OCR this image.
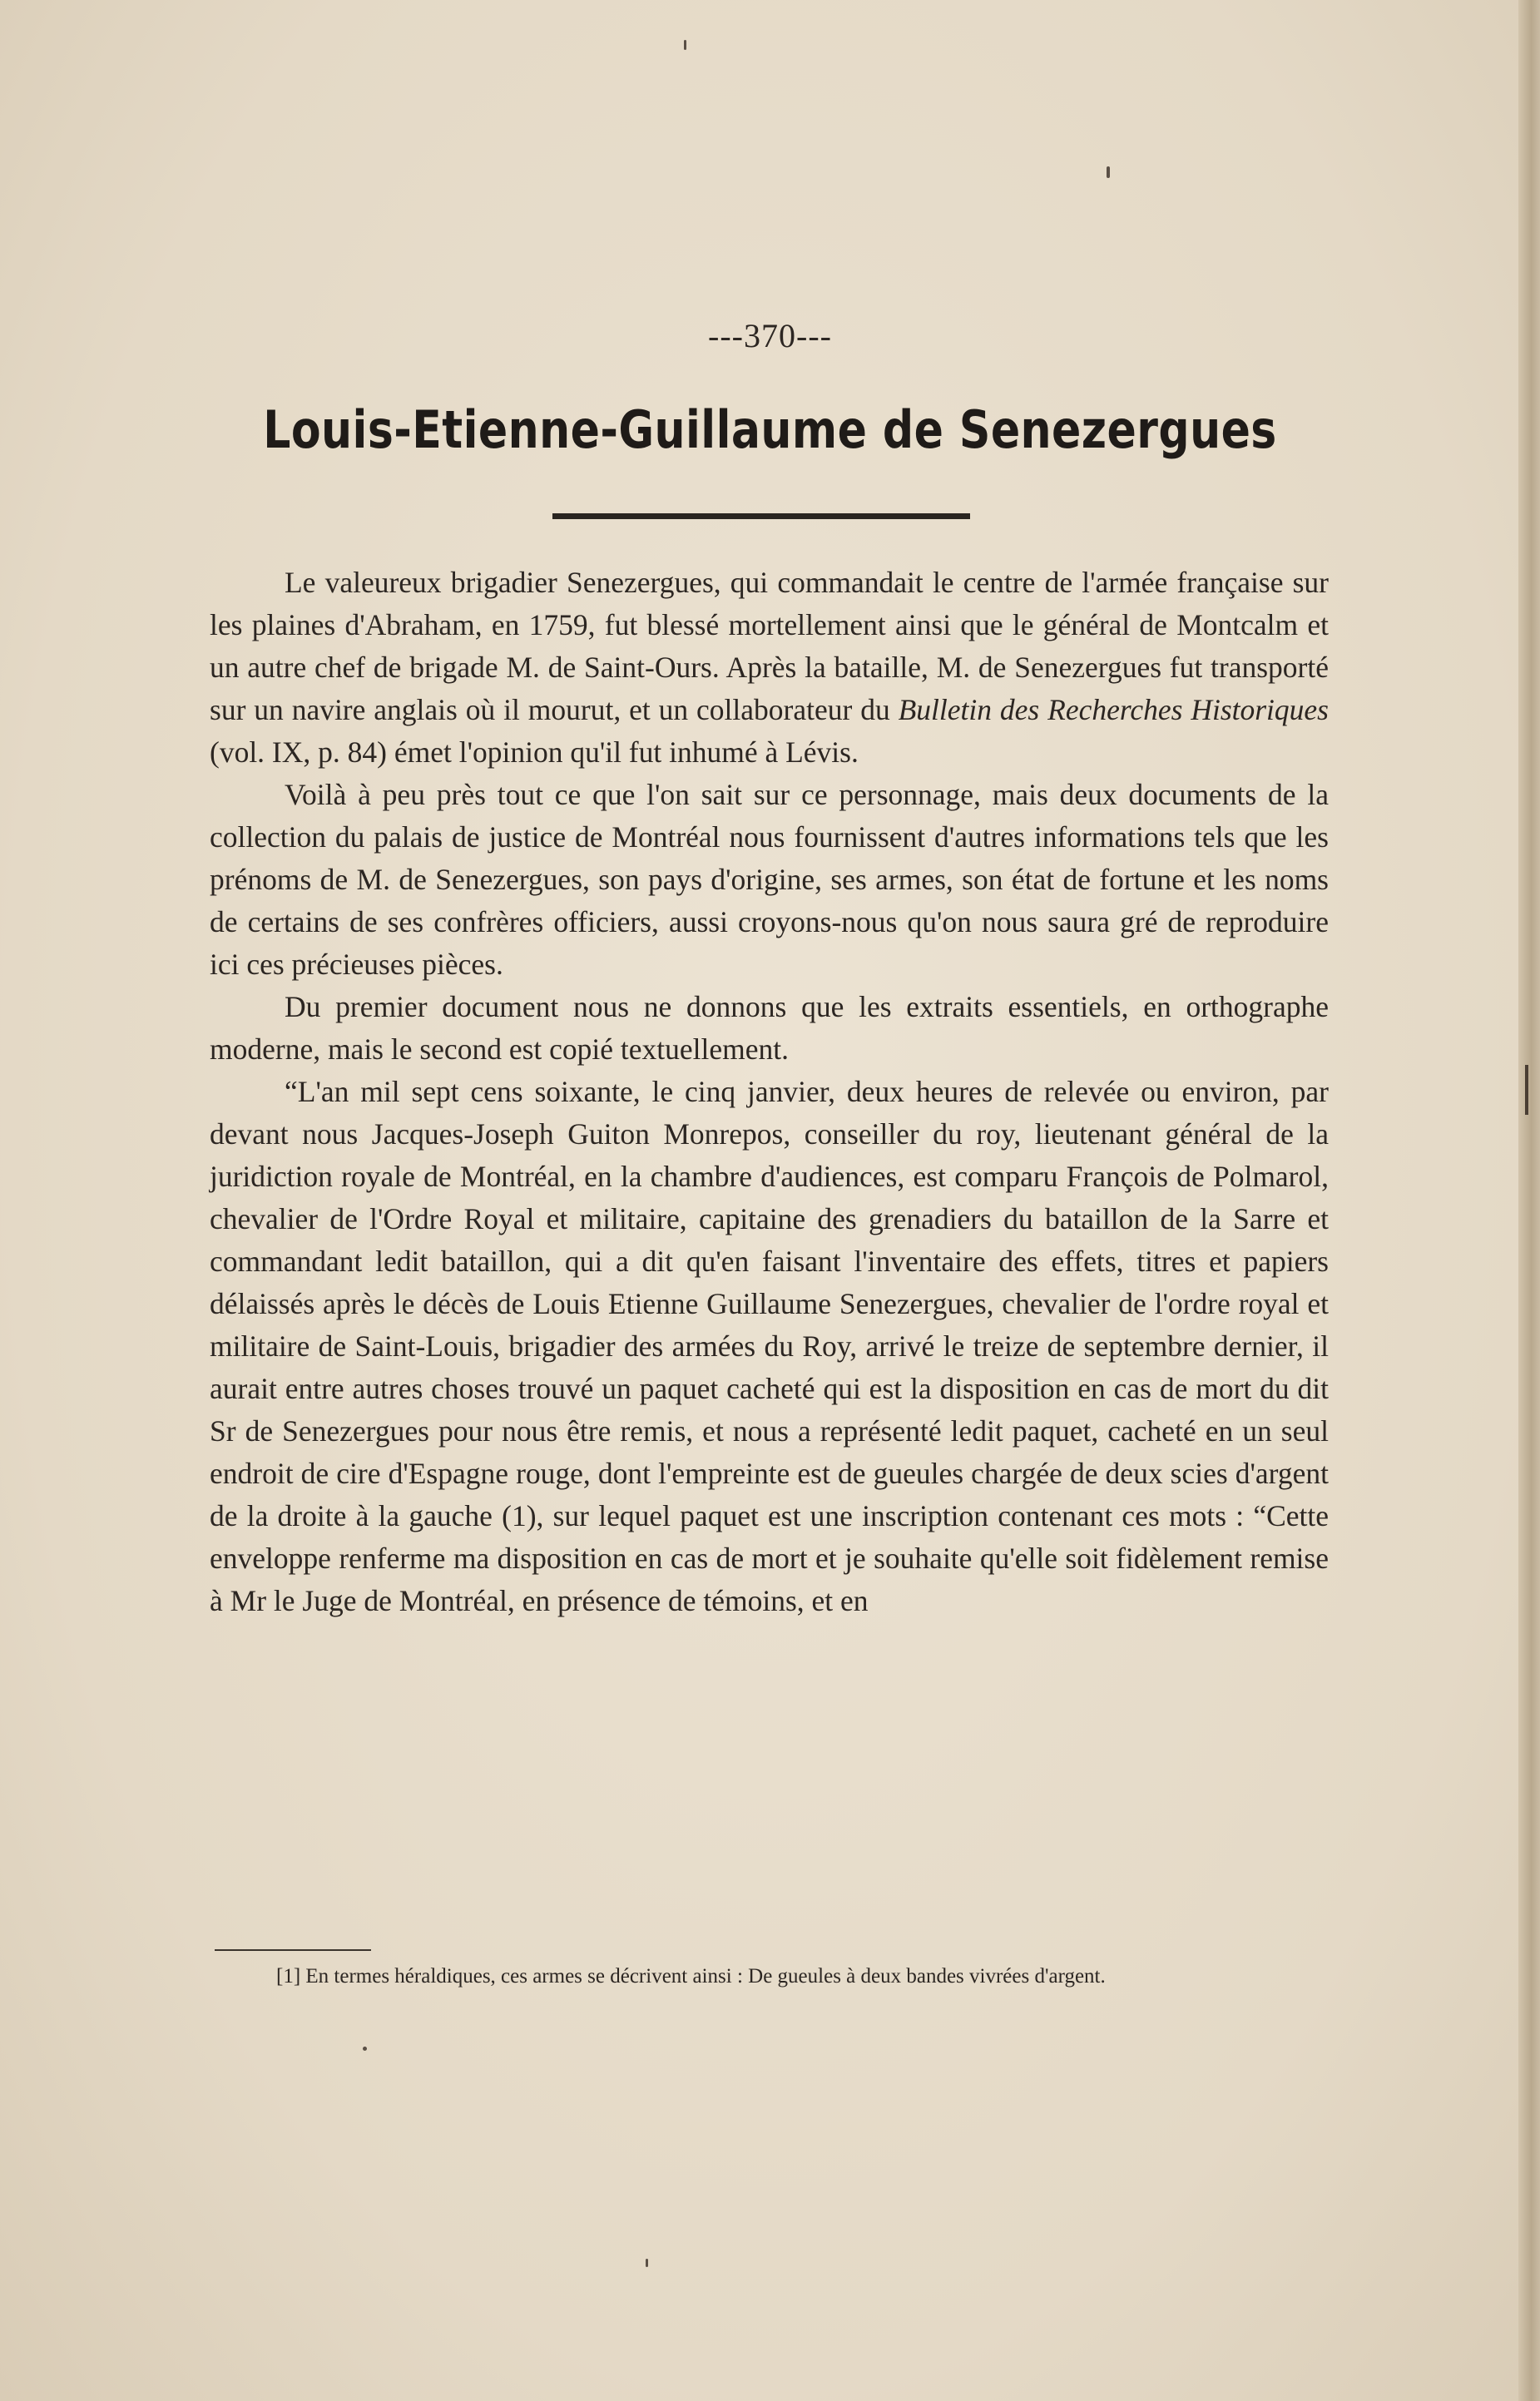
---370---
Louis-Etienne-Guillaume de Senezergues

Le valeureux brigadier Senezergues, qui commandait le centre de l'armée française sur les plaines d'Abraham, en 1759, fut blessé mortellement ainsi que le général de Montcalm et un autre chef de brigade M. de Saint-Ours. Après la bataille, M. de Senezergues fut transporté sur un navire anglais où il mourut, et un collaborateur du Bulletin des Recherches Historiques (vol. IX, p. 84) émet l'opinion qu'il fut inhumé à Lévis.

Voilà à peu près tout ce que l'on sait sur ce personnage, mais deux documents de la collection du palais de justice de Montréal nous fournissent d'autres informations tels que les prénoms de M. de Senezergues, son pays d'origine, ses armes, son état de fortune et les noms de certains de ses confrères officiers, aussi croyons-nous qu'on nous saura gré de reproduire ici ces précieuses pièces.

Du premier document nous ne donnons que les extraits essentiels, en orthographe moderne, mais le second est copié textuellement.

“L'an mil sept cens soixante, le cinq janvier, deux heures de relevée ou environ, par devant nous Jacques-Joseph Guiton Monrepos, conseiller du roy, lieutenant général de la juridiction royale de Montréal, en la chambre d'audiences, est comparu François de Polmarol, chevalier de l'Ordre Royal et militaire, capitaine des grenadiers du bataillon de la Sarre et commandant ledit bataillon, qui a dit qu'en faisant l'inventaire des effets, titres et papiers délaissés après le décès de Louis Etienne Guillaume Senezergues, chevalier de l'ordre royal et militaire de Saint-Louis, brigadier des armées du Roy, arrivé le treize de septembre dernier, il aurait entre autres choses trouvé un paquet cacheté qui est la disposition en cas de mort du dit Sr de Senezergues pour nous être remis, et nous a représenté ledit paquet, cacheté en un seul endroit de cire d'Espagne rouge, dont l'empreinte est de gueules chargée de deux scies d'argent de la droite à la gauche (1), sur lequel paquet est une inscription contenant ces mots : “Cette enveloppe renferme ma disposition en cas de mort et je souhaite qu'elle soit fidèlement remise à Mr le Juge de Montréal, en présence de témoins, et en

[1] En termes héraldiques, ces armes se décrivent ainsi : De gueules à deux bandes vivrées d'argent.
